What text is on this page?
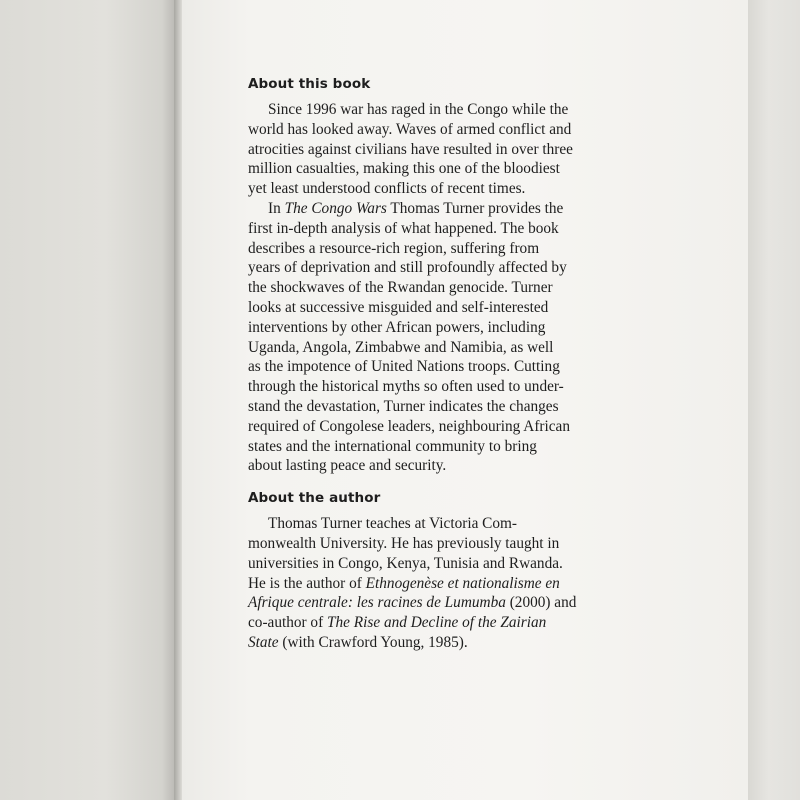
About this book

Since 1996 war has raged in the Congo while the
world has looked away. Waves of armed conflict and
atrocities against civilians have resulted in over three
million casualties, making this one of the bloodiest
yet least understood conflicts of recent times.

In The Congo Wars Thomas Turner provides the
first in-depth analysis of what happened. The book
describes a resource-rich region, suffering from
years of deprivation and still profoundly affected by
the shockwaves of the Rwandan genocide. Turner
looks at successive misguided and self-interested
interventions by other African powers, including
Uganda, Angola, Zimbabwe and Namibia, as well
as the impotence of United Nations troops. Cutting
through the historical myths so often used to under-
stand the devastation, Turner indicates the changes
required of Congolese leaders, neighbouring African
states and the international community to bring
about lasting peace and security.

About the author

Thomas Turner teaches at Victoria Com-
monwealth University. He has previously taught in
universities in Congo, Kenya, Tunisia and Rwanda.
He is the author of Ethnogenèse et nationalisme en
Afrique centrale: les racines de Lumumba (2000) and
co-author of The Rise and Decline of the Zairian
State (with Crawford Young, 1985).
